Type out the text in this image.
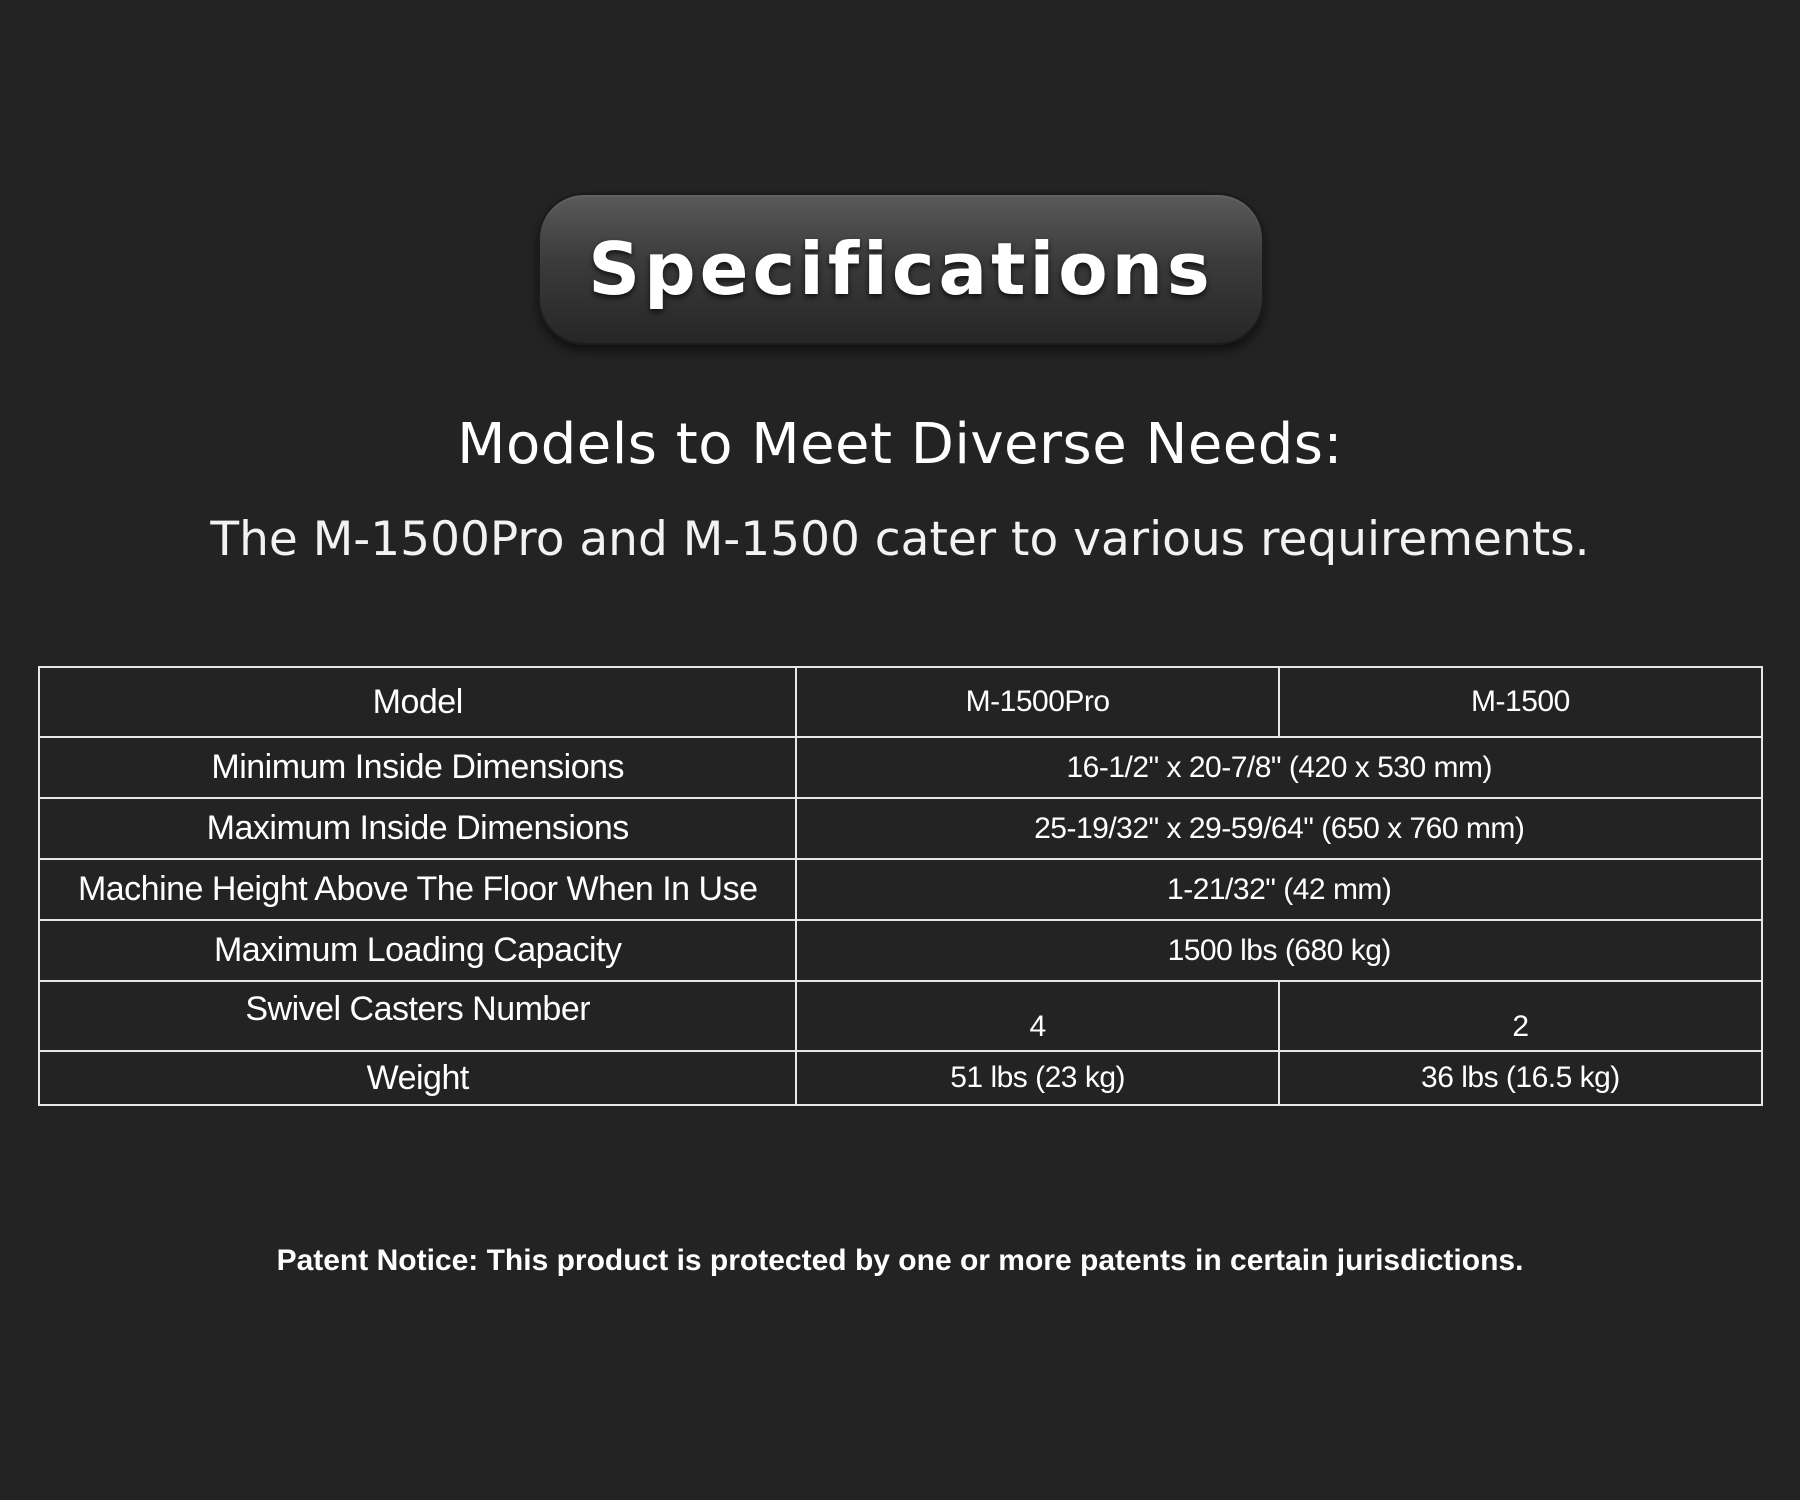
Specifications
Models to Meet Diverse Needs:
The M-1500Pro and M-1500 cater to various requirements.
Model	M-1500Pro	M-1500
Minimum Inside Dimensions	16-1/2" x 20-7/8" (420 x 530 mm)	
Maximum Inside Dimensions	25-19/32" x 29-59/64" (650 x 760 mm)	
Machine Height Above The Floor When In Use	1-21/32" (42 mm)	
Maximum Loading Capacity	1500 lbs (680 kg)	
Swivel Casters Number	4	2
Weight	51 lbs (23 kg)	36 lbs (16.5 kg)
Patent Notice: This product is protected by one or more patents in certain jurisdictions.
